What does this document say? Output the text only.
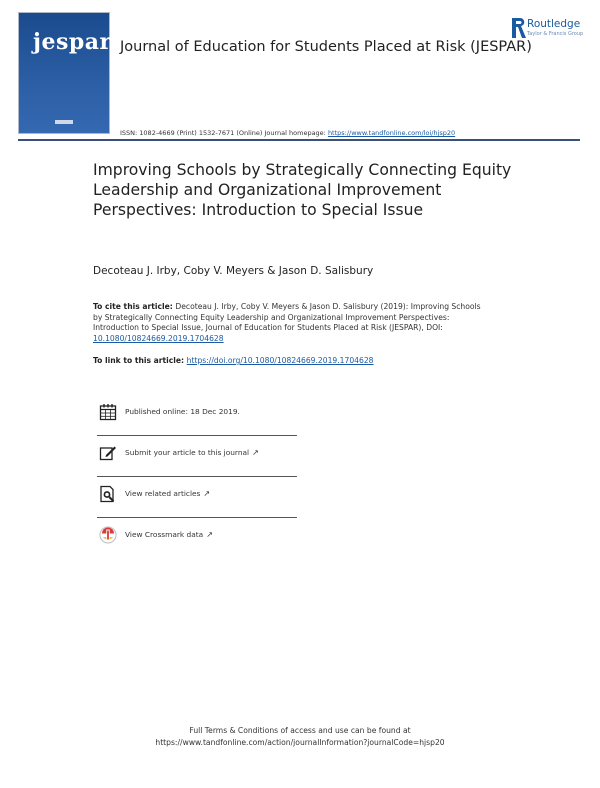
jespar Journal of Education for Students Placed at Risk (JESPAR)
Routledge
Taylor & Francis Group
ISSN: 1082-4669 (Print) 1532-7671 (Online) Journal homepage: https://www.tandfonline.com/loi/hjsp20
Improving Schools by Strategically Connecting Equity Leadership and Organizational Improvement Perspectives: Introduction to Special Issue
Decoteau J. Irby, Coby V. Meyers & Jason D. Salisbury
To cite this article: Decoteau J. Irby, Coby V. Meyers & Jason D. Salisbury (2019): Improving Schools by Strategically Connecting Equity Leadership and Organizational Improvement Perspectives: Introduction to Special Issue, Journal of Education for Students Placed at Risk (JESPAR), DOI: 10.1080/10824669.2019.1704628
To link to this article: https://doi.org/10.1080/10824669.2019.1704628
Published online: 18 Dec 2019.
Submit your article to this journal ↗
View related articles ↗
View Crossmark data ↗
Full Terms & Conditions of access and use can be found at
https://www.tandfonline.com/action/journalInformation?journalCode=hjsp20
